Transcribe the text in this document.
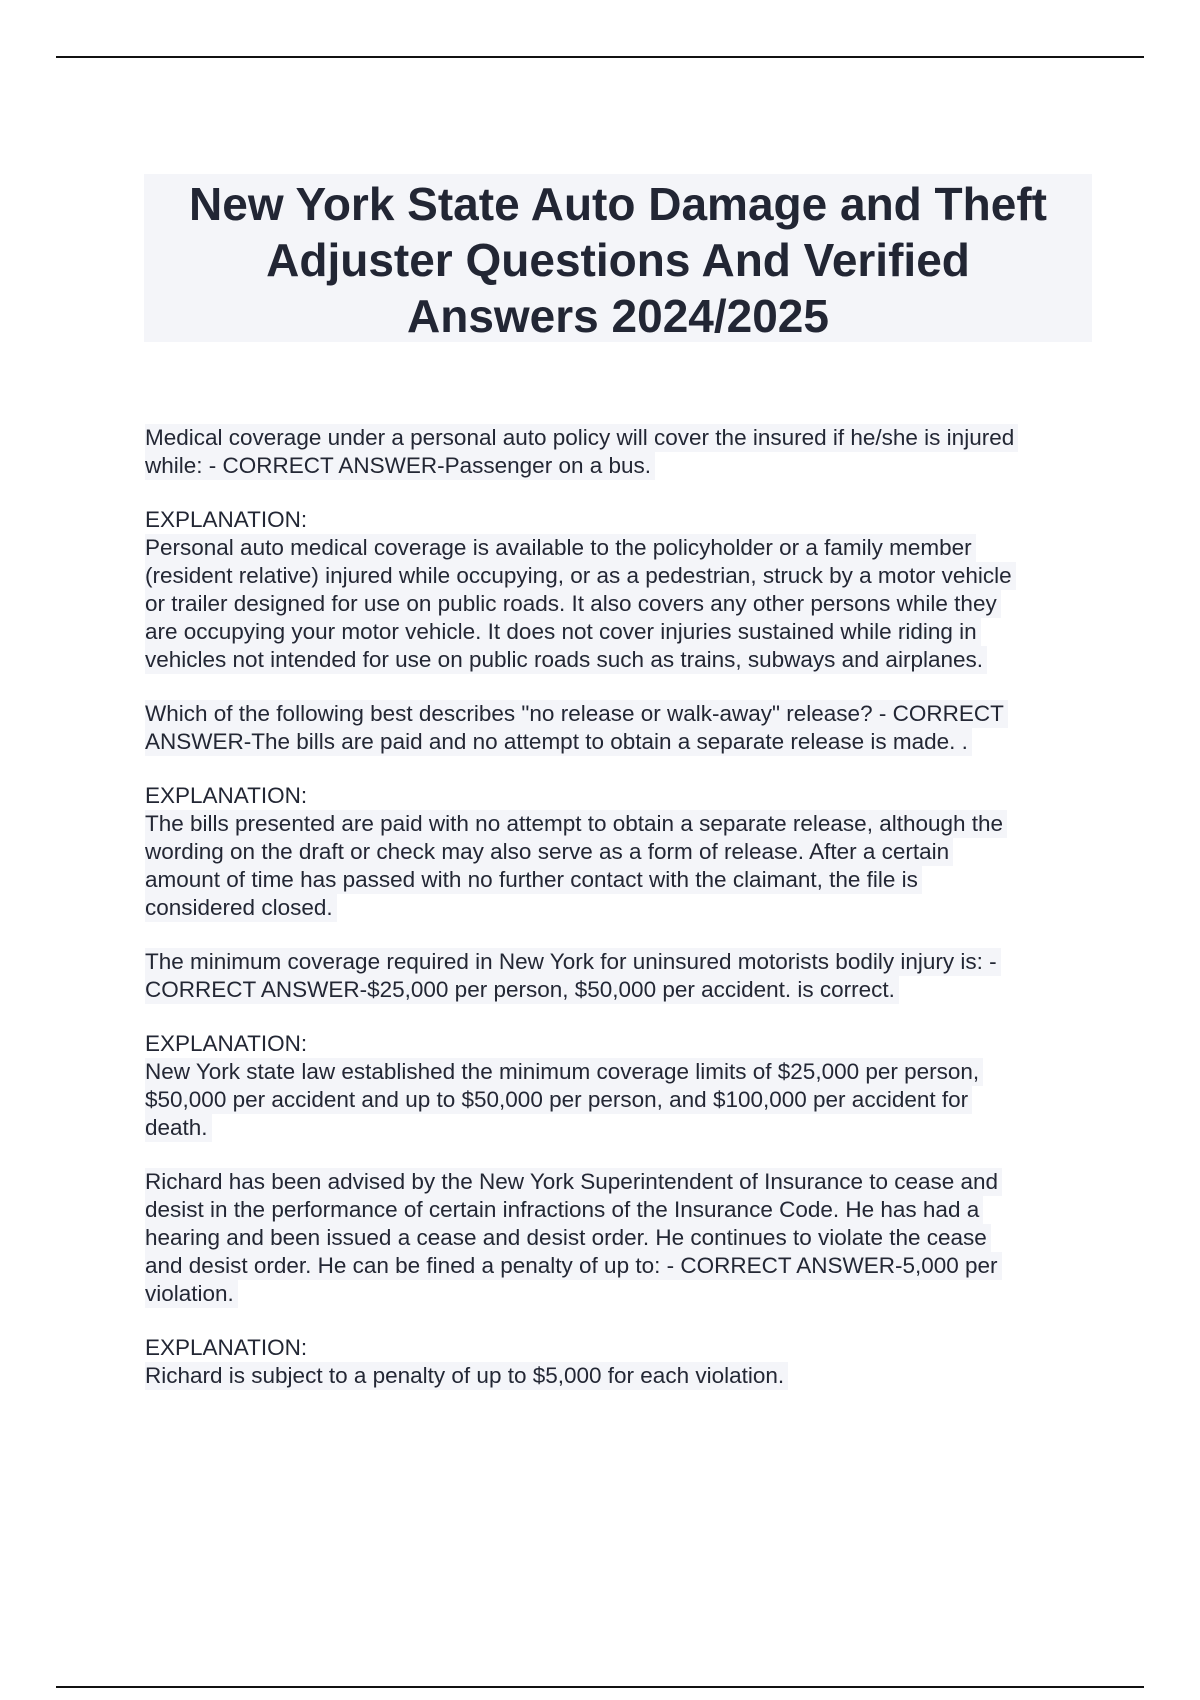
New York State Auto Damage and Theft
Adjuster Questions And Verified
Answers 2024/2025
Medical coverage under a personal auto policy will cover the insured if he/she is injured
while: - CORRECT ANSWER-Passenger on a bus.
EXPLANATION:
Personal auto medical coverage is available to the policyholder or a family member
(resident relative) injured while occupying, or as a pedestrian, struck by a motor vehicle
or trailer designed for use on public roads. It also covers any other persons while they
are occupying your motor vehicle. It does not cover injuries sustained while riding in
vehicles not intended for use on public roads such as trains, subways and airplanes.
Which of the following best describes "no release or walk-away" release? - CORRECT
ANSWER-The bills are paid and no attempt to obtain a separate release is made. .
EXPLANATION:
The bills presented are paid with no attempt to obtain a separate release, although the
wording on the draft or check may also serve as a form of release. After a certain
amount of time has passed with no further contact with the claimant, the file is
considered closed.
The minimum coverage required in New York for uninsured motorists bodily injury is: -
CORRECT ANSWER-$25,000 per person, $50,000 per accident. is correct.
EXPLANATION:
New York state law established the minimum coverage limits of $25,000 per person,
$50,000 per accident and up to $50,000 per person, and $100,000 per accident for
death.
Richard has been advised by the New York Superintendent of Insurance to cease and
desist in the performance of certain infractions of the Insurance Code. He has had a
hearing and been issued a cease and desist order. He continues to violate the cease
and desist order. He can be fined a penalty of up to: - CORRECT ANSWER-5,000 per
violation.
EXPLANATION:
Richard is subject to a penalty of up to $5,000 for each violation.
